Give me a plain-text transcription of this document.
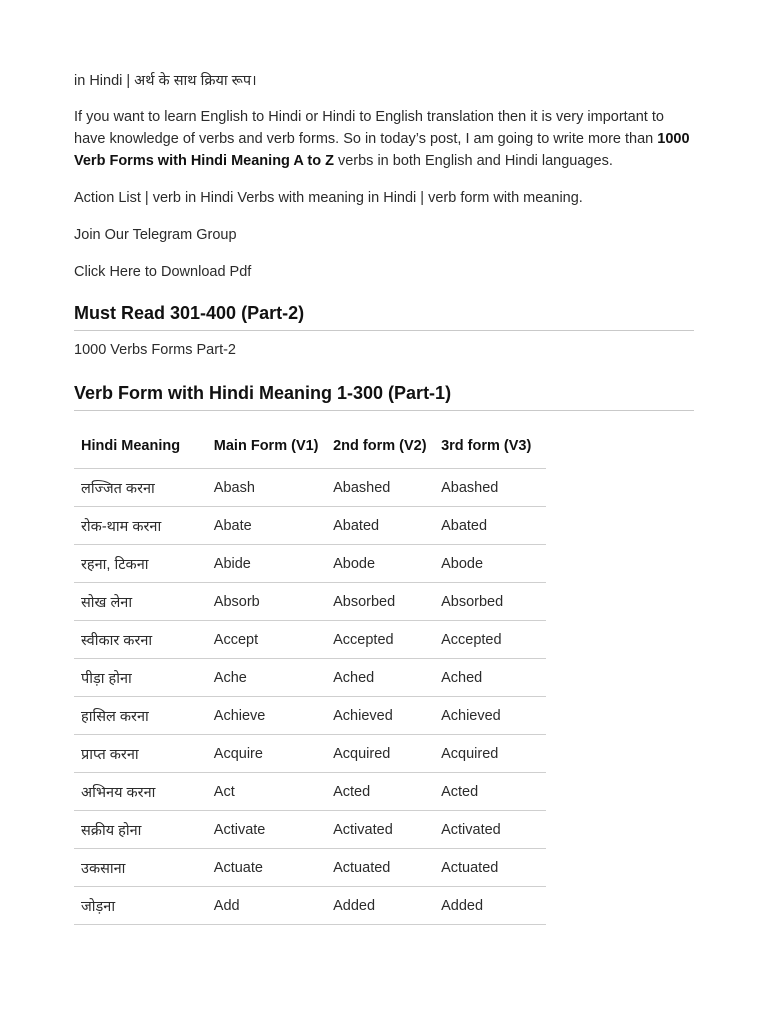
in Hindi | अर्थ के साथ क्रिया रूप।

If you want to learn English to Hindi or Hindi to English translation then it is very important to have knowledge of verbs and verb forms. So in today’s post, I am going to write more than 1000 Verb Forms with Hindi Meaning A to Z verbs in both English and Hindi languages.

Action List | verb in Hindi Verbs with meaning in Hindi | verb form with meaning.

Join Our Telegram Group

Click Here to Download Pdf

Must Read 301-400 (Part-2)

1000 Verbs Forms Part-2

Verb Form with Hindi Meaning 1-300 (Part-1)
Hindi Meaning	Main Form (V1)	2nd form (V2)	3rd form (V3)
लज्जित करना	Abash	Abashed	Abashed
रोक-थाम करना	Abate	Abated	Abated
रहना, टिकना	Abide	Abode	Abode
सोख लेना	Absorb	Absorbed	Absorbed
स्वीकार करना	Accept	Accepted	Accepted
पीड़ा होना	Ache	Ached	Ached
हासिल करना	Achieve	Achieved	Achieved
प्राप्त करना	Acquire	Acquired	Acquired
अभिनय करना	Act	Acted	Acted
सक्रीय होना	Activate	Activated	Activated
उकसाना	Actuate	Actuated	Actuated
जोड़ना	Add	Added	Added
